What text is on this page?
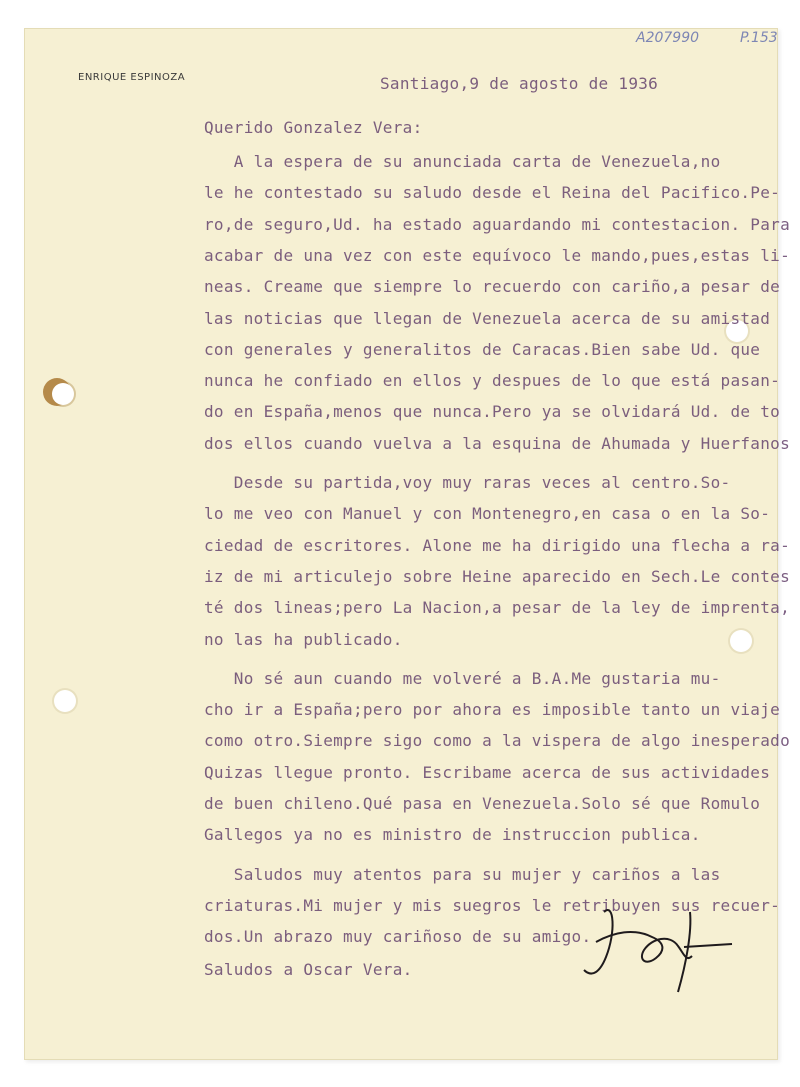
ENRIQUE ESPINOZA
A207990	P.153
Santiago,9 de agosto de 1936
Querido Gonzalez Vera:
A la espera de su anunciada carta de Venezuela,no
le he contestado su saludo desde el Reina del Pacifico.Pe-
ro,de seguro,Ud. ha estado aguardando mi contestacion. Para
acabar de una vez con este equívoco le mando,pues,estas li-
neas. Creame que siempre lo recuerdo con cariño,a pesar de
las noticias que llegan de Venezuela acerca de su amistad
con generales y generalitos de Caracas.Bien sabe Ud. que
nunca he confiado en ellos y despues de lo que está pasan-
do en España,menos que nunca.Pero ya se olvidará Ud. de to
dos ellos cuando vuelva a la esquina de Ahumada y Huerfanos
Desde su partida,voy muy raras veces al centro.So-
lo me veo con Manuel y con Montenegro,en casa o en la So-
ciedad de escritores. Alone me ha dirigido una flecha a ra-
iz de mi articulejo sobre Heine aparecido en Sech.Le contes
té dos lineas;pero La Nacion,a pesar de la ley de imprenta,
no las ha publicado.
No sé aun cuando me volveré a B.A.Me gustaria mu-
cho ir a España;pero por ahora es imposible tanto un viaje
como otro.Siempre sigo como a la vispera de algo inesperado
Quizas llegue pronto. Escribame acerca de sus actividades
de buen chileno.Qué pasa en Venezuela.Solo sé que Romulo
Gallegos ya no es ministro de instruccion publica.
Saludos muy atentos para su mujer y cariños a las
criaturas.Mi mujer y mis suegros le retribuyen sus recuer-
dos.Un abrazo muy cariñoso de su amigo.
Saludos a Oscar Vera.
